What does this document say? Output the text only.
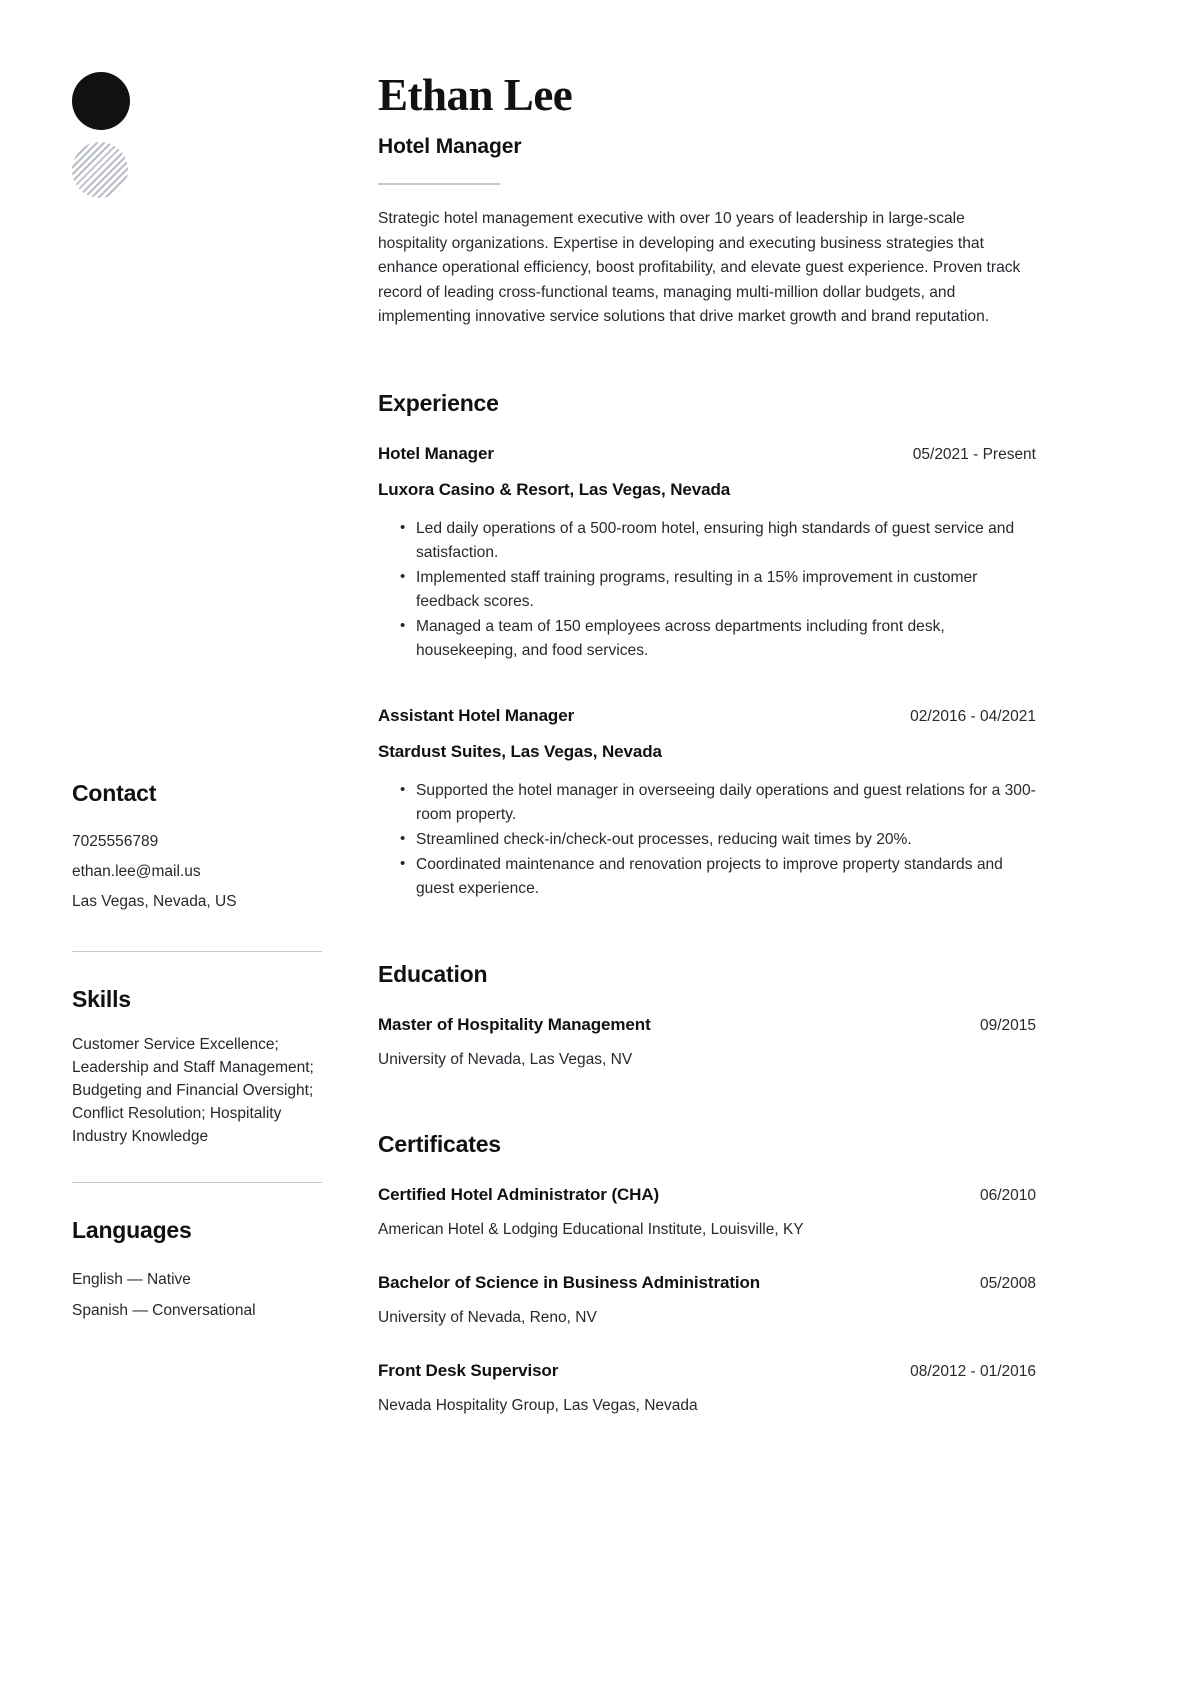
Contact
7025556789
ethan.lee@mail.us
Las Vegas, Nevada, US
Skills
Customer Service Excellence; Leadership and Staff Management; Budgeting and Financial Oversight; Conflict Resolution; Hospitality Industry Knowledge
Languages
English — Native
Spanish — Conversational
Ethan Lee
Hotel Manager
Strategic hotel management executive with over 10 years of leadership in large-scale hospitality organizations. Expertise in developing and executing business strategies that enhance operational efficiency, boost profitability, and elevate guest experience. Proven track record of leading cross-functional teams, managing multi-million dollar budgets, and implementing innovative service solutions that drive market growth and brand reputation.
Experience
Hotel Manager	05/2021 - Present
Luxora Casino & Resort, Las Vegas, Nevada
• Led daily operations of a 500-room hotel, ensuring high standards of guest service and satisfaction.
• Implemented staff training programs, resulting in a 15% improvement in customer feedback scores.
• Managed a team of 150 employees across departments including front desk, housekeeping, and food services.
Assistant Hotel Manager	02/2016 - 04/2021
Stardust Suites, Las Vegas, Nevada
• Supported the hotel manager in overseeing daily operations and guest relations for a 300-room property.
• Streamlined check-in/check-out processes, reducing wait times by 20%.
• Coordinated maintenance and renovation projects to improve property standards and guest experience.
Education
Master of Hospitality Management	09/2015
University of Nevada, Las Vegas, NV
Certificates
Certified Hotel Administrator (CHA)	06/2010
American Hotel & Lodging Educational Institute, Louisville, KY
Bachelor of Science in Business Administration	05/2008
University of Nevada, Reno, NV
Front Desk Supervisor	08/2012 - 01/2016
Nevada Hospitality Group, Las Vegas, Nevada
